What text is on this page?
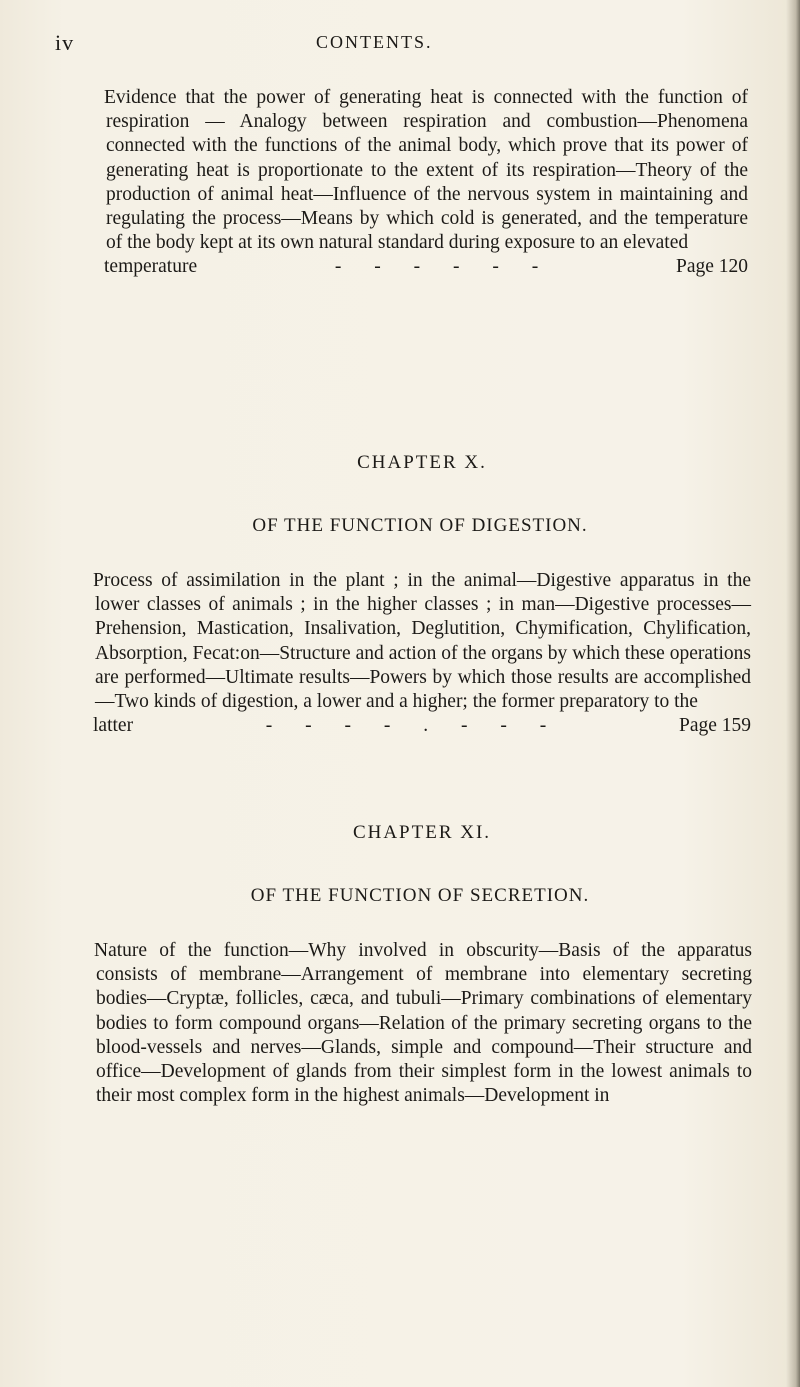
iv	CONTENTS.
Evidence that the power of generating heat is connected with the function of respiration — Analogy between respiration and combustion—Phenomena connected with the functions of the animal body, which prove that its power of generating heat is proportionate to the extent of its respiration—Theory of the production of animal heat—Influence of the nervous system in maintaining and regulating the process—Means by which cold is generated, and the temperature of the body kept at its own natural standard during exposure to an elevated
temperature	- - - - - -	Page 120
CHAPTER X.
OF THE FUNCTION OF DIGESTION.
Process of assimilation in the plant ; in the animal—Digestive apparatus in the lower classes of animals ; in the higher classes ; in man—Digestive processes—Prehension, Mastication, Insalivation, Deglutition, Chymification, Chylification, Absorption, Fecat:on—Structure and action of the organs by which these operations are performed—Ultimate results—Powers by which those results are accomplished—Two kinds of digestion, a lower and a higher; the former preparatory to the
latter	- - - - . - - -	Page 159
CHAPTER XI.
OF THE FUNCTION OF SECRETION.
Nature of the function—Why involved in obscurity—Basis of the apparatus consists of membrane—Arrangement of membrane into elementary secreting bodies—Cryptæ, follicles, cæca, and tubuli—Primary combinations of elementary bodies to form compound organs—Relation of the primary secreting organs to the blood-vessels and nerves—Glands, simple and compound—Their structure and office—Development of glands from their simplest form in the lowest animals to their most complex form in the highest animals—Development in
